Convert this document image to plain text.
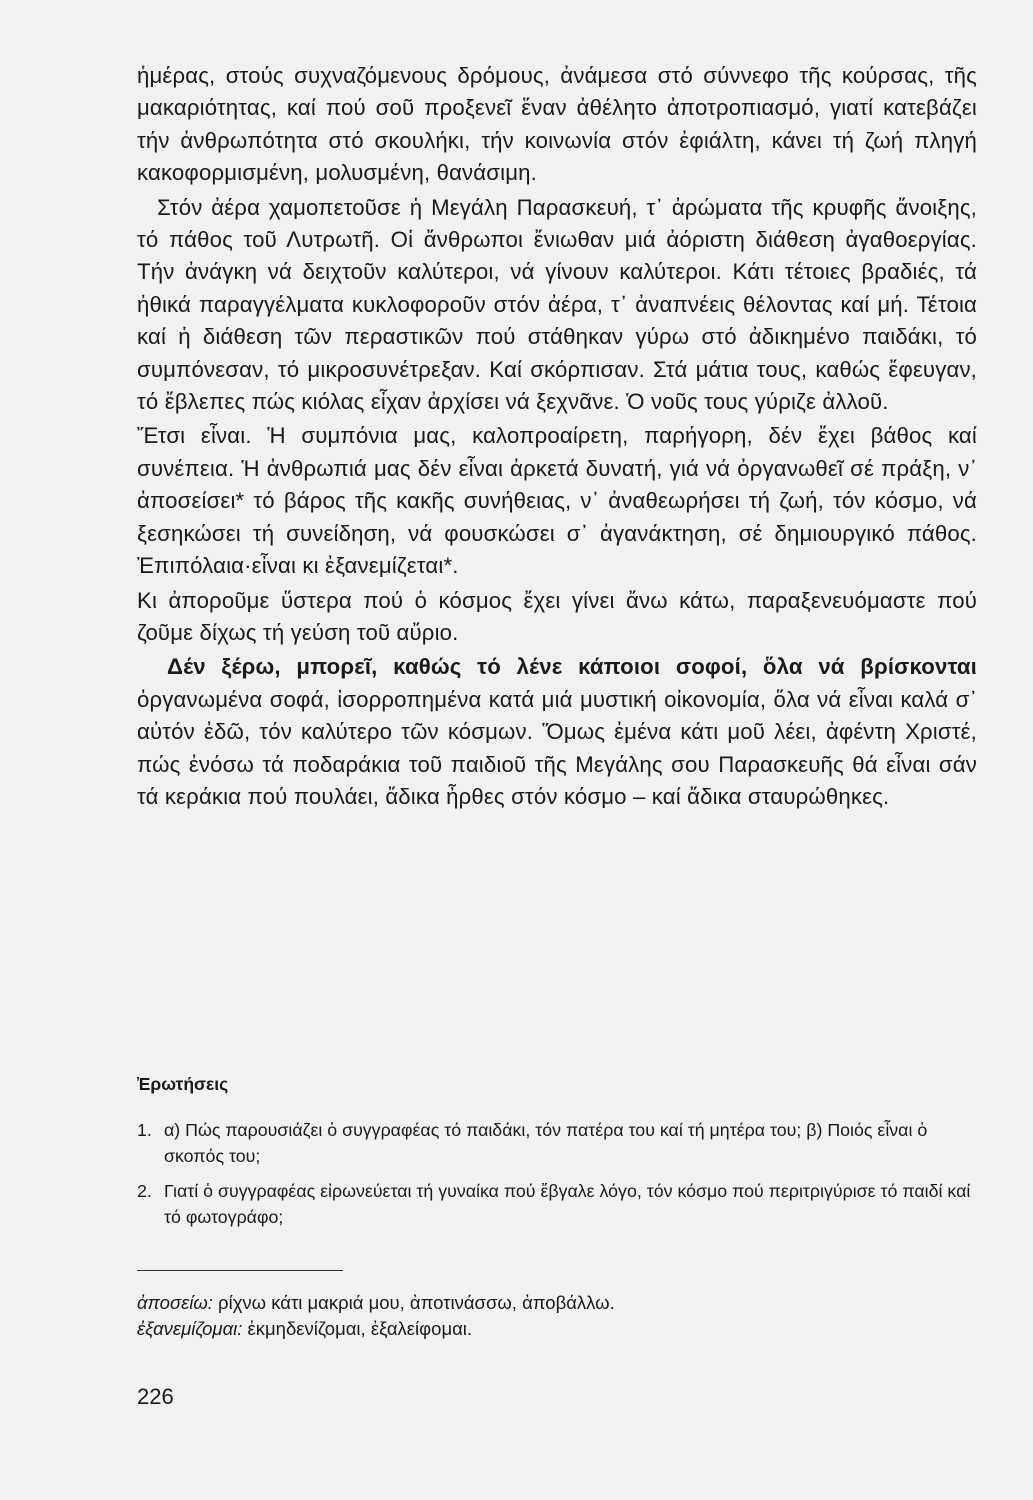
ἡμέρας, στούς συχναζόμενους δρόμους, ἀνάμεσα στό σύννεφο τῆς κούρσας, τῆς μακαριότητας, καί πού σοῦ προξενεῖ ἕναν ἀθέλητο ἀποτροπιασμό, γιατί κατεβάζει τήν ἀνθρωπότητα στό σκουλήκι, τήν κοινωνία στόν ἐφιάλτη, κάνει τή ζωή πληγή κακοφορμισμένη, μολυσμένη, θανάσιμη.

Στόν ἀέρα χαμοπετοῦσε ἡ Μεγάλη Παρασκευή, τ᾽ ἀρώματα τῆς κρυφῆς ἄνοιξης, τό πάθος τοῦ Λυτρωτῆ. Οἱ ἄνθρωποι ἔνιωθαν μιά ἀόριστη διάθεση ἀγαθοεργίας. Τήν ἀνάγκη νά δειχτοῦν καλύτεροι, νά γίνουν καλύτεροι. Κάτι τέτοιες βραδιές, τά ἠθικά παραγγέλματα κυκλοφοροῦν στόν ἀέρα, τ᾽ ἀναπνέεις θέλοντας καί μή. Τέτοια καί ἡ διάθεση τῶν περαστικῶν πού στάθηκαν γύρω στό ἀδικημένο παιδάκι, τό συμπόνεσαν, τό μικροσυνέτρεξαν. Καί σκόρπισαν. Στά μάτια τους, καθώς ἔφευγαν, τό ἔβλεπες πώς κιόλας εἶχαν ἀρχίσει νά ξεχνᾶνε. Ὁ νοῦς τους γύριζε ἀλλοῦ.

Ἔτσι εἶναι. Ἡ συμπόνια μας, καλοπροαίρετη, παρήγορη, δέν ἔχει βάθος καί συνέπεια. Ἡ ἀνθρωπιά μας δέν εἶναι ἀρκετά δυνατή, γιά νά ὀργανωθεῖ σέ πράξη, ν᾽ ἀποσείσει* τό βάρος τῆς κακῆς συνήθειας, ν᾽ ἀναθεωρήσει τή ζωή, τόν κόσμο, νά ξεσηκώσει τή συνείδηση, νά φουσκώσει σ᾽ ἀγανάκτηση, σέ δημιουργικό πάθος. Ἐπιπόλαια·εἶναι κι ἐξανεμίζεται*.

Κι ἀποροῦμε ὕστερα πού ὁ κόσμος ἔχει γίνει ἄνω κάτω, παραξενευόμαστε πού ζοῦμε δίχως τή γεύση τοῦ αὔριο.

Δέν ξέρω, μπορεῖ, καθώς τό λένε κάποιοι σοφοί, ὅλα νά βρίσκονται ὀργανωμένα σοφά, ἰσορροπημένα κατά μιά μυστική οἰκονομία, ὅλα νά εἶναι καλά σ᾽ αὐτόν ἐδῶ, τόν καλύτερο τῶν κόσμων. Ὅμως ἐμένα κάτι μοῦ λέει, ἀφέντη Χριστέ, πώς ἐνόσω τά ποδαράκια τοῦ παιδιοῦ τῆς Μεγάλης σου Παρασκευῆς θά εἶναι σάν τά κεράκια πού πουλάει, ἄδικα ἦρθες στόν κόσμο – καί ἄδικα σταυρώθηκες.

Ἐρωτήσεις
1. α) Πώς παρουσιάζει ὁ συγγραφέας τό παιδάκι, τόν πατέρα του καί τή μητέρα του; β) Ποιός εἶναι ὁ σκοπός του;
2. Γιατί ὁ συγγραφέας εἰρωνεύεται τή γυναίκα πού ἔβγαλε λόγο, τόν κόσμο πού περιτριγύρισε τό παιδί καί τό φωτογράφο;
ἀποσείω: ρίχνω κάτι μακριά μου, ἀποτινάσσω, ἀποβάλλω.
ἐξανεμίζομαι: ἐκμηδενίζομαι, ἐξαλείφομαι.
226
